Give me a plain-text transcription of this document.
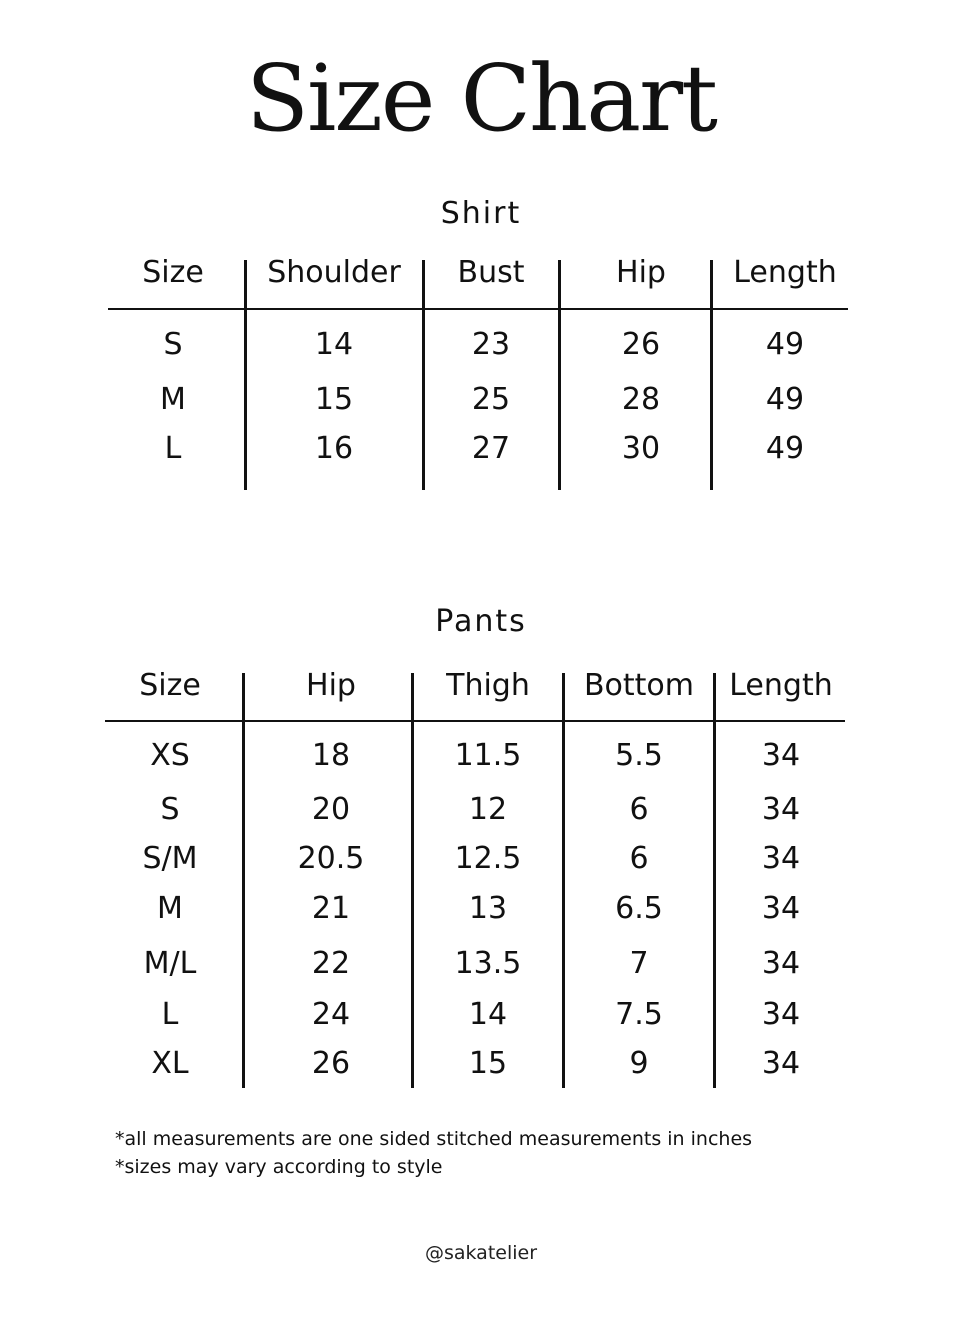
Size Chart
Shirt
Size	Shoulder	Bust	Hip	Length
S	14	23	26	49
M	15	25	28	49
L	16	27	30	49
Pants
Size	Hip	Thigh	Bottom	Length
XS	18	11.5	5.5	34
S	20	12	6	34
S/M	20.5	12.5	6	34
M	21	13	6.5	34
M/L	22	13.5	7	34
L	24	14	7.5	34
XL	26	15	9	34
*all measurements are one sided stitched measurements in inches
*sizes may vary according to style
@sakatelier
